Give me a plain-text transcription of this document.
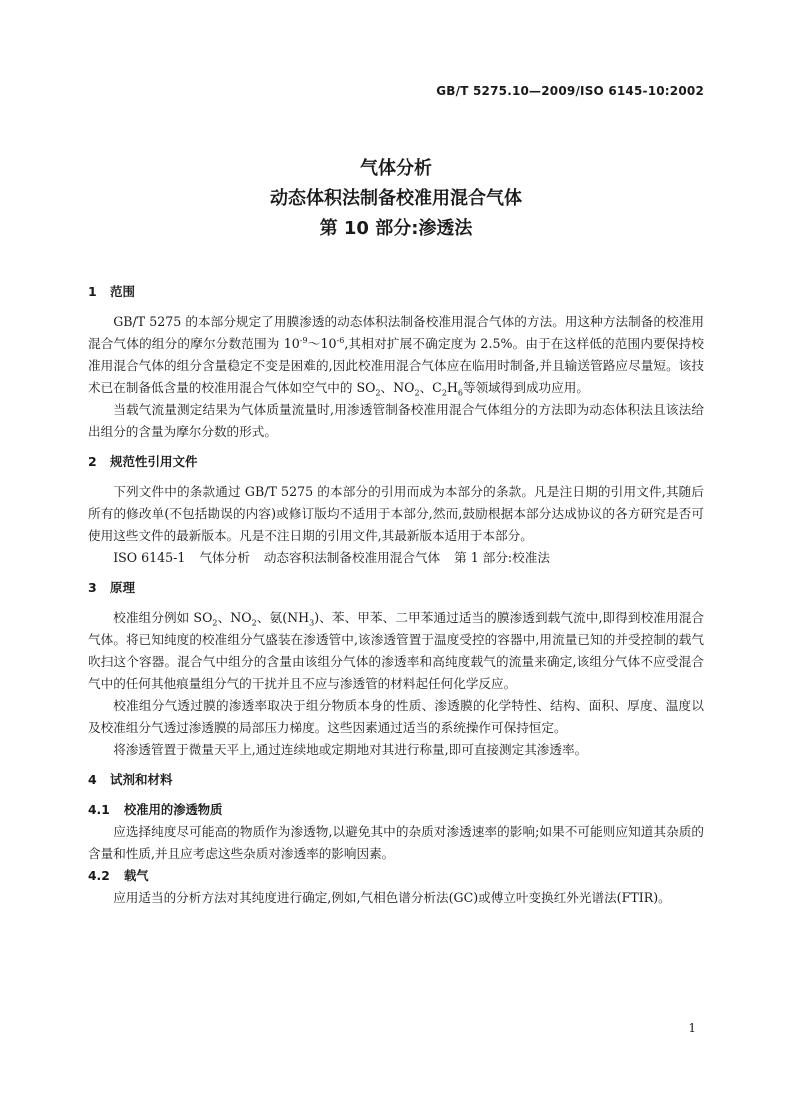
GB/T 5275.10—2009/ISO 6145-10:2002
气体分析
动态体积法制备校准用混合气体
第 10 部分:渗透法
1 范围

GB/T 5275 的本部分规定了用膜渗透的动态体积法制备校准用混合气体的方法。用这种方法制备的校准用混合气体的组分的摩尔分数范围为 $10^{-9}\sim 10^{-6}$,其相对扩展不确定度为 2.5%。由于在这样低的范围内要保持校准用混合气体的组分含量稳定不变是困难的,因此校准用混合气体应在临用时制备,并且输送管路应尽量短。该技术已在制备低含量的校准用混合气体如空气中的 $SO_2$、$NO_2$、$C_2H_6$等领域得到成功应用。

当载气流量测定结果为气体质量流量时,用渗透管制备校准用混合气体组分的方法即为动态体积法且该法给出组分的含量为摩尔分数的形式。

2 规范性引用文件

下列文件中的条款通过 GB/T 5275 的本部分的引用而成为本部分的条款。凡是注日期的引用文件,其随后所有的修改单(不包括勘误的内容)或修订版均不适用于本部分,然而,鼓励根据本部分达成协议的各方研究是否可使用这些文件的最新版本。凡是不注日期的引用文件,其最新版本适用于本部分。

ISO 6145-1 气体分析 动态容积法制备校准用混合气体 第 1 部分:校准法
3 原理

校准组分例如 $SO_2$、$NO_2$、氨$(NH_3)$、苯、甲苯、二甲苯通过适当的膜渗透到载气流中,即得到校准用混合气体。将已知纯度的校准组分气盛装在渗透管中,该渗透管置于温度受控的容器中,用流量已知的并受控制的载气吹扫这个容器。混合气中组分的含量由该组分气体的渗透率和高纯度载气的流量来确定,该组分气体不应受混合气中的任何其他痕量组分气的干扰并且不应与渗透管的材料起任何化学反应。

校准组分气透过膜的渗透率取决于组分物质本身的性质、渗透膜的化学特性、结构、面积、厚度、温度以及校准组分气透过渗透膜的局部压力梯度。这些因素通过适当的系统操作可保持恒定。

将渗透管置于微量天平上,通过连续地或定期地对其进行称量,即可直接测定其渗透率。

4 试剂和材料
4.1 校准用的渗透物质

应选择纯度尽可能高的物质作为渗透物,以避免其中的杂质对渗透速率的影响;如果不可能则应知道其杂质的含量和性质,并且应考虑这些杂质对渗透率的影响因素。

4.2 载气

应用适当的分析方法对其纯度进行确定,例如,气相色谱分析法(GC)或傅立叶变换红外光谱法(FTIR)。

1
